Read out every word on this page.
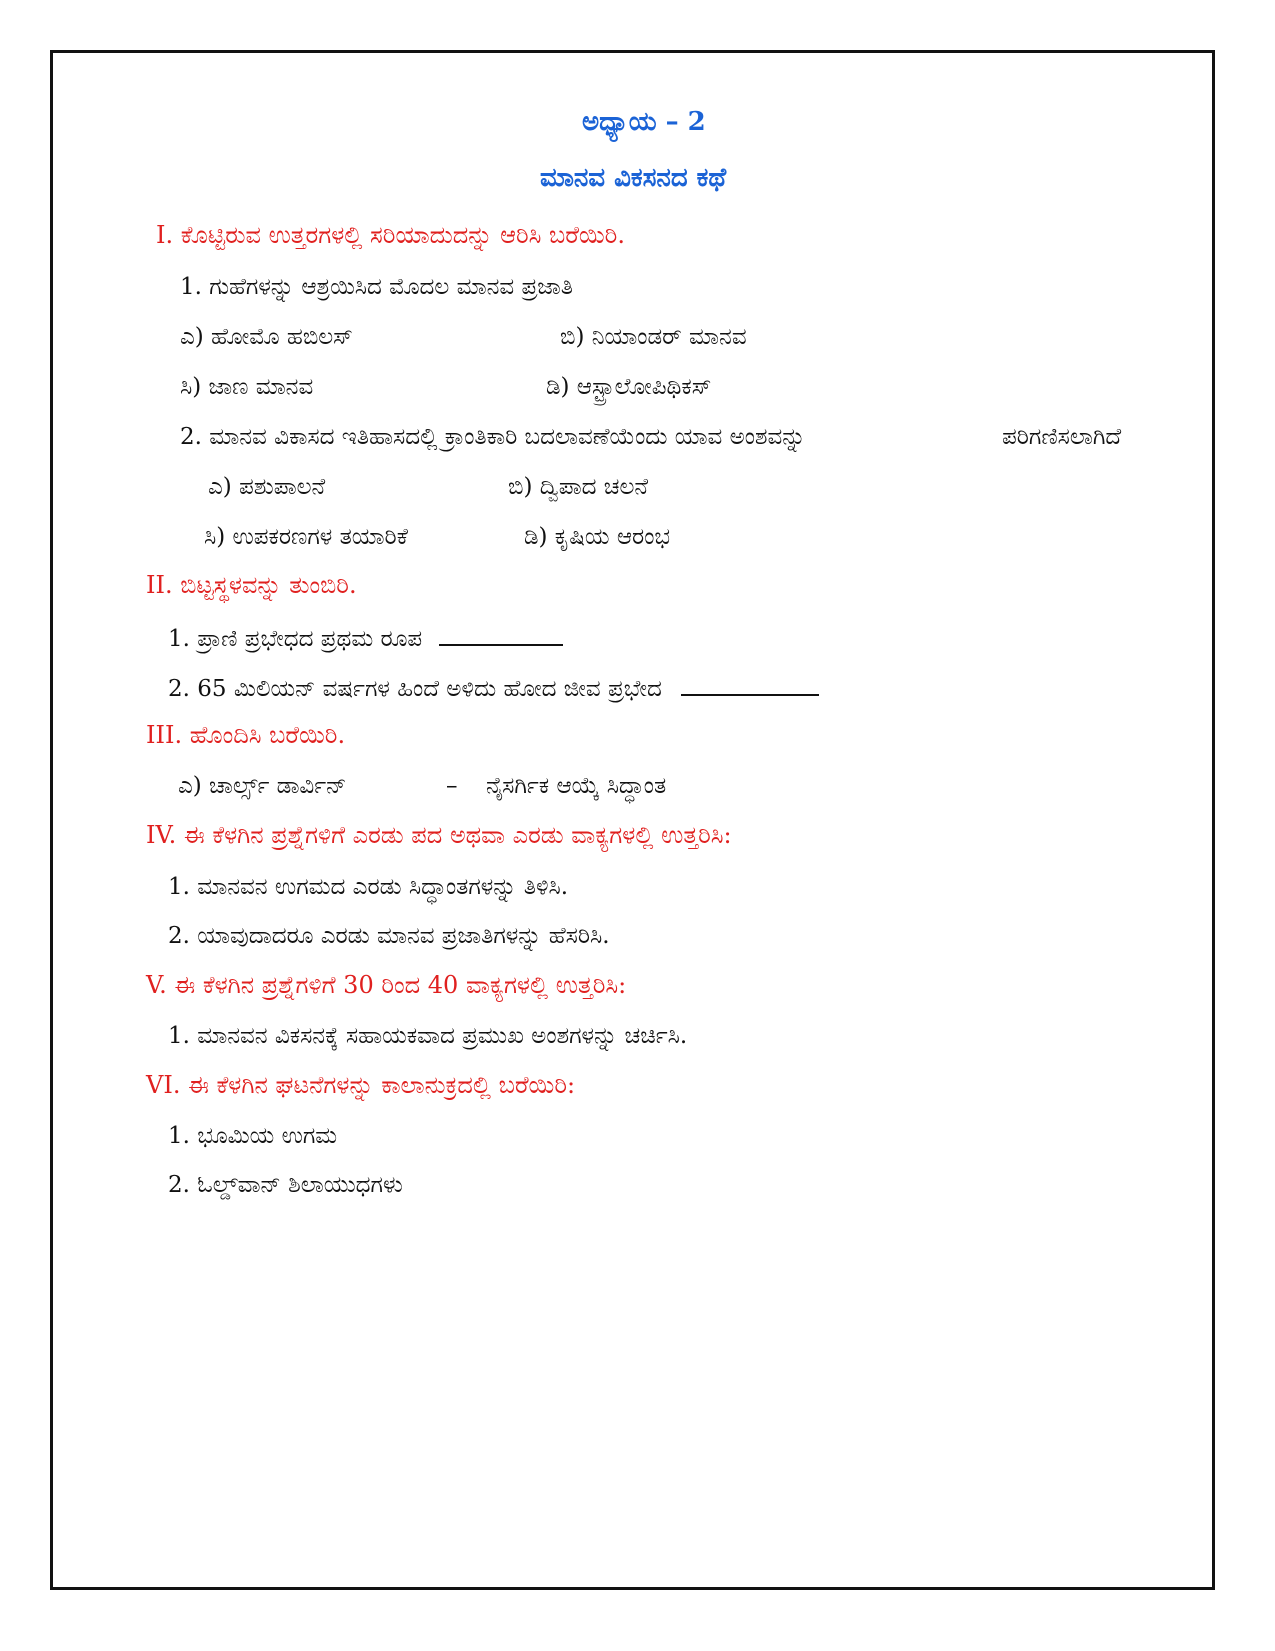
ಅಧ್ಯಾಯ – 2
ಮಾನವ ವಿಕಸನದ ಕಥೆ
I. ಕೊಟ್ಟಿರುವ ಉತ್ತರಗಳಲ್ಲಿ ಸರಿಯಾದುದನ್ನು ಆರಿಸಿ ಬರೆಯಿರಿ.
1. ಗುಹೆಗಳನ್ನು ಆಶ್ರಯಿಸಿದ ಮೊದಲ ಮಾನವ ಪ್ರಜಾತಿ
ಎ) ಹೋಮೊ ಹಬಿಲಸ್	ಬಿ) ನಿಯಾಂಡರ್ ಮಾನವ
ಸಿ) ಜಾಣ ಮಾನವ	ಡಿ) ಆಸ್ಟ್ರಾಲೋಪಿಥಿಕಸ್
2. ಮಾನವ ವಿಕಾಸದ ಇತಿಹಾಸದಲ್ಲಿ ಕ್ರಾಂತಿಕಾರಿ ಬದಲಾವಣೆಯೆಂದು ಯಾವ ಅಂಶವನ್ನು	ಪರಿಗಣಿಸಲಾಗಿದೆ
ಎ) ಪಶುಪಾಲನೆ	ಬಿ) ದ್ವಿಪಾದ ಚಲನೆ
ಸಿ) ಉಪಕರಣಗಳ ತಯಾರಿಕೆ	ಡಿ) ಕೃಷಿಯ ಆರಂಭ
II. ಬಿಟ್ಟಸ್ಥಳವನ್ನು ತುಂಬಿರಿ.
1. ಪ್ರಾಣಿ ಪ್ರಭೇಧದ ಪ್ರಥಮ ರೂಪ
2. 65 ಮಿಲಿಯನ್ ವರ್ಷಗಳ ಹಿಂದೆ ಅಳಿದು ಹೋದ ಜೀವ ಪ್ರಭೇದ
III. ಹೊಂದಿಸಿ ಬರೆಯಿರಿ.
ಎ) ಚಾರ್ಲ್ಸ್ ಡಾರ್ವಿನ್	– ನೈಸರ್ಗಿಕ ಆಯ್ಕೆ ಸಿದ್ಧಾಂತ
IV. ಈ ಕೆಳಗಿನ ಪ್ರಶ್ನೆಗಳಿಗೆ ಎರಡು ಪದ ಅಥವಾ ಎರಡು ವಾಕ್ಯಗಳಲ್ಲಿ ಉತ್ತರಿಸಿ:
1. ಮಾನವನ ಉಗಮದ ಎರಡು ಸಿದ್ಧಾಂತಗಳನ್ನು ತಿಳಿಸಿ.
2. ಯಾವುದಾದರೂ ಎರಡು ಮಾನವ ಪ್ರಜಾತಿಗಳನ್ನು ಹೆಸರಿಸಿ.
V. ಈ ಕೆಳಗಿನ ಪ್ರಶ್ನೆಗಳಿಗೆ 30 ರಿಂದ 40 ವಾಕ್ಯಗಳಲ್ಲಿ ಉತ್ತರಿಸಿ:
1. ಮಾನವನ ವಿಕಸನಕ್ಕೆ ಸಹಾಯಕವಾದ ಪ್ರಮುಖ ಅಂಶಗಳನ್ನು ಚರ್ಚಿಸಿ.
VI. ಈ ಕೆಳಗಿನ ಘಟನೆಗಳನ್ನು ಕಾಲಾನುಕ್ರದಲ್ಲಿ ಬರೆಯಿರಿ:
1. ಭೂಮಿಯ ಉಗಮ
2. ಓಲ್ಡ್‌ವಾನ್ ಶಿಲಾಯುಧಗಳು
